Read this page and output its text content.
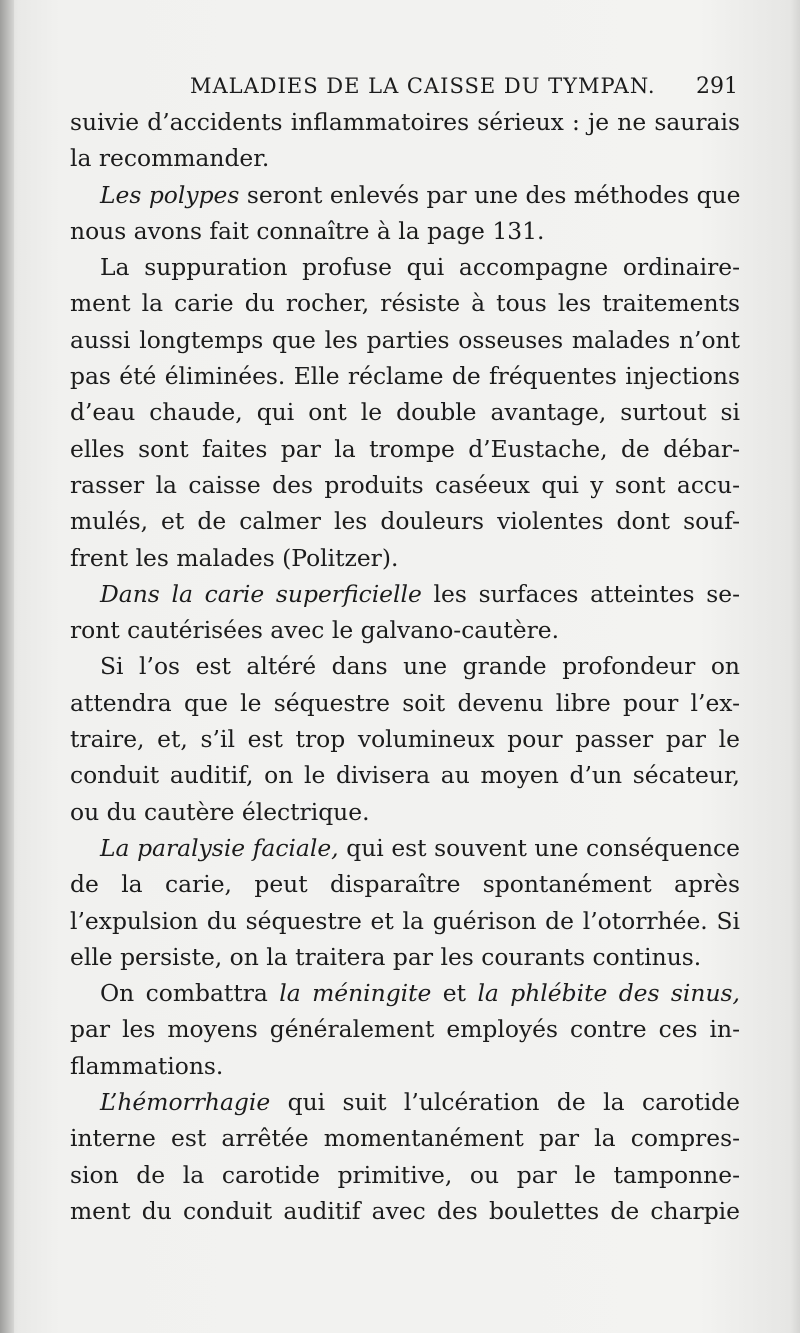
MALADIES DE LA CAISSE DU TYMPAN. 291
suivie d’accidents inflammatoires sérieux : je ne saurais
la recommander.
Les polypes seront enlevés par une des méthodes que
nous avons fait connaître à la page 131.
La suppuration profuse qui accompagne ordinaire-
ment la carie du rocher, résiste à tous les traitements
aussi longtemps que les parties osseuses malades n’ont
pas été éliminées. Elle réclame de fréquentes injections
d’eau chaude, qui ont le double avantage, surtout si
elles sont faites par la trompe d’Eustache, de débar-
rasser la caisse des produits caséeux qui y sont accu-
mulés, et de calmer les douleurs violentes dont souf-
frent les malades (Politzer).
Dans la carie superficielle les surfaces atteintes se-
ront cautérisées avec le galvano-cautère.
Si l’os est altéré dans une grande profondeur on
attendra que le séquestre soit devenu libre pour l’ex-
traire, et, s’il est trop volumineux pour passer par le
conduit auditif, on le divisera au moyen d’un sécateur,
ou du cautère électrique.
La paralysie faciale, qui est souvent une conséquence
de la carie, peut disparaître spontanément après
l’expulsion du séquestre et la guérison de l’otorrhée. Si
elle persiste, on la traitera par les courants continus.
On combattra la méningite et la phlébite des sinus,
par les moyens généralement employés contre ces in-
flammations.
L’hémorrhagie qui suit l’ulcération de la carotide
interne est arrêtée momentanément par la compres-
sion de la carotide primitive, ou par le tamponne-
ment du conduit auditif avec des boulettes de charpie
